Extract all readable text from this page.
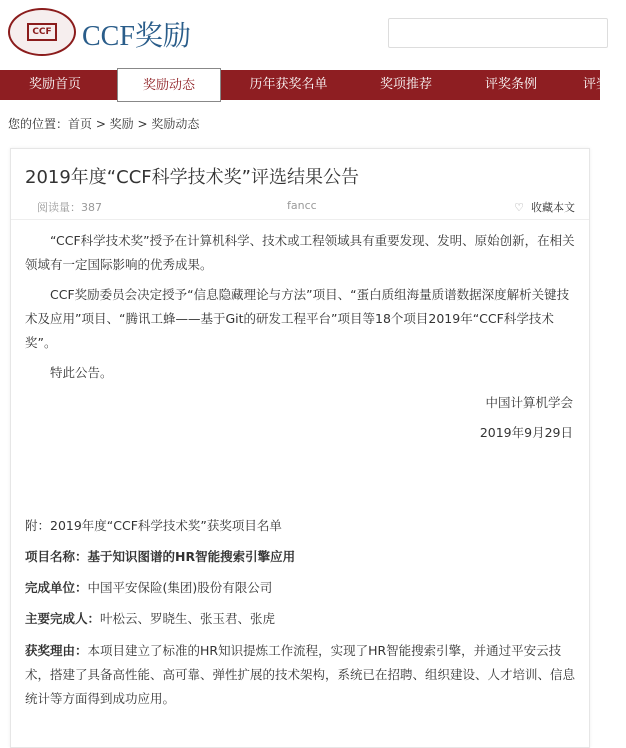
CCF CCF奖励
奖励首页	奖励动态	历年获奖名单	奖项推荐	评奖条例	评奖
您的位置：首页 > 奖励 > 奖励动态
2019年度“CCF科学技术奖”评选结果公告
阅读量：387	fancc	♡ 收藏本文

“CCF科学技术奖”授予在计算机科学、技术或工程领域具有重要发现、发明、原始创新，在相关领域有一定国际影响的优秀成果。

CCF奖励委员会决定授予“信息隐藏理论与方法”项目、“蛋白质组海量质谱数据深度解析关键技术及应用”项目、“腾讯工蜂——基于Git的研发工程平台”项目等18个项目2019年“CCF科学技术奖”。

特此公告。

中国计算机学会

2019年9月29日

附：2019年度“CCF科学技术奖”获奖项目名单

项目名称：基于知识图谱的HR智能搜索引擎应用

完成单位：中国平安保险(集团)股份有限公司

主要完成人：叶松云、罗晓生、张玉君、张虎

获奖理由：本项目建立了标准的HR知识提炼工作流程，实现了HR智能搜索引擎，并通过平安云技术，搭建了具备高性能、高可靠、弹性扩展的技术架构，系统已在招聘、组织建设、人才培训、信息统计等方面得到成功应用。
